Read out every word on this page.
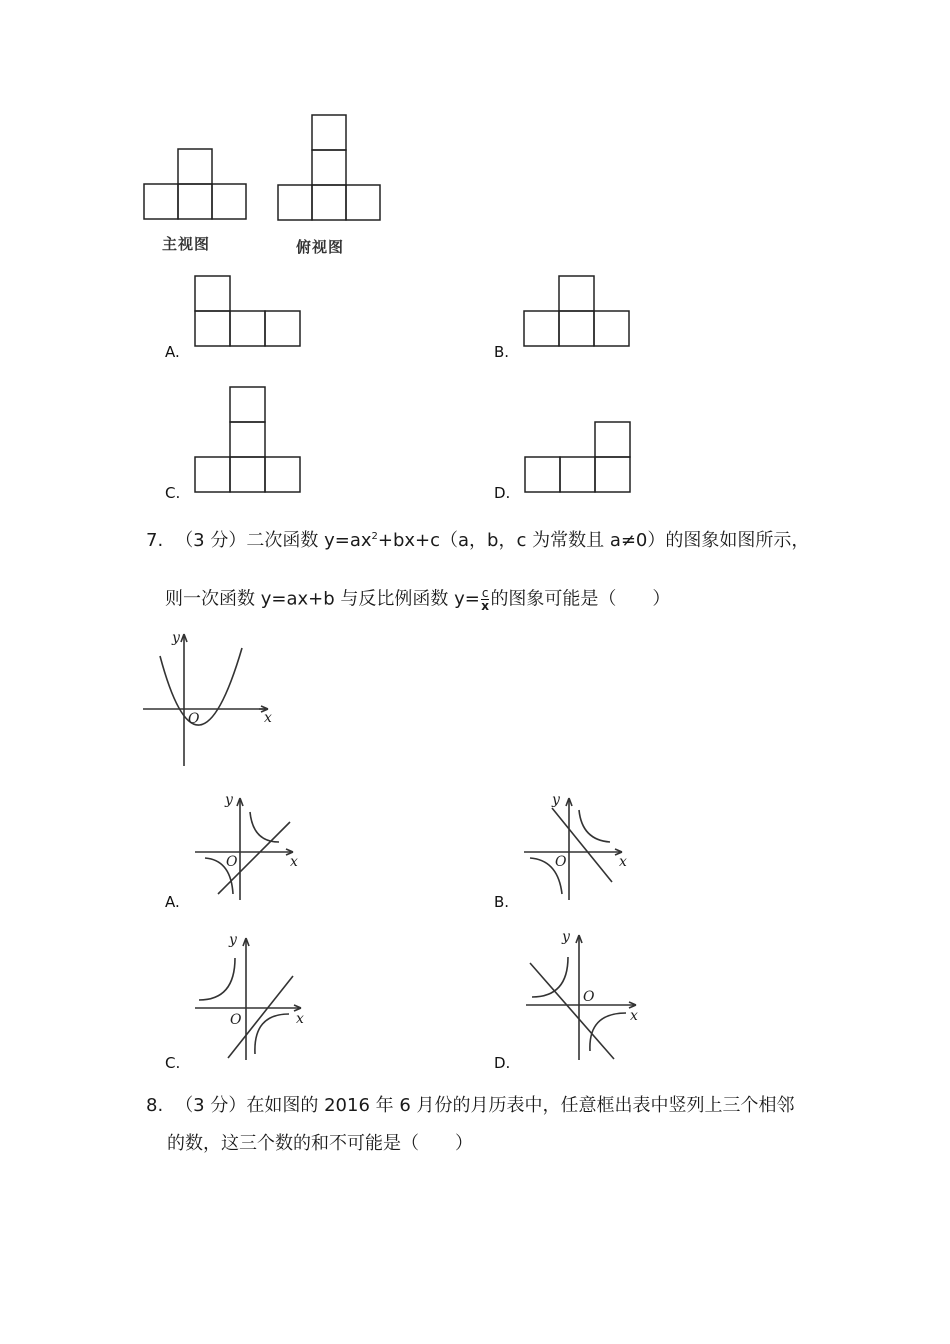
主视图	俯视图
A.	B.
C.	D.
7. （3 分）二次函数 $y=ax^2+bx+c(a$，b，c 为常数且 a≠0）的图象如图所示，
则一次函数 y=ax+b 与反比例函数 $y= \frac{c}{x}$ 的图象可能是（　　）
y
x
O
A.
y
x
O
B.
y
x
O
C.
y
x
O
D.
y
x
O
8. （3 分）在如图的 2016 年 6 月份的月历表中，任意框出表中竖列上三个相邻
的数，这三个数的和不可能是（　　）
